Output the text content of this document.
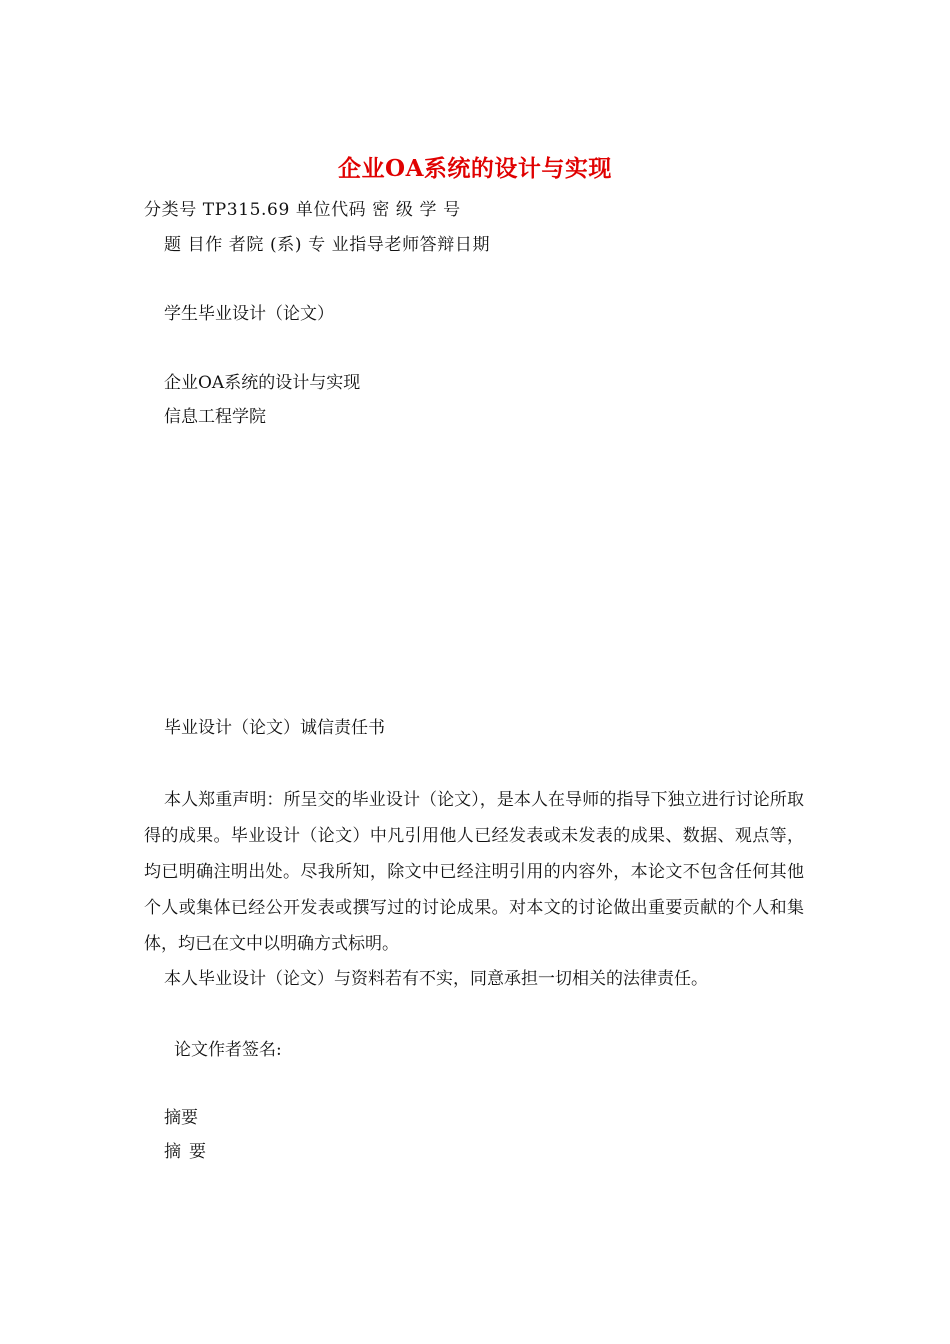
企业OA系统的设计与实现
分类号 TP315.69 单位代码 密 级 学 号
题 目作 者院 (系) 专 业指导老师答辩日期
学生毕业设计（论文）
企业OA系统的设计与实现
信息工程学院
毕业设计（论文）诚信责任书

本人郑重声明：所呈交的毕业设计（论文），是本人在导师的指导下独立进行讨论所取得的成果。毕业设计（论文）中凡引用他人已经发表或未发表的成果、数据、观点等，均已明确注明出处。尽我所知，除文中已经注明引用的内容外，本论文不包含任何其他个人或集体已经公开发表或撰写过的讨论成果。对本文的讨论做出重要贡献的个人和集体，均已在文中以明确方式标明。

本人毕业设计（论文）与资料若有不实，同意承担一切相关的法律责任。
论文作者签名:
摘要
摘要
